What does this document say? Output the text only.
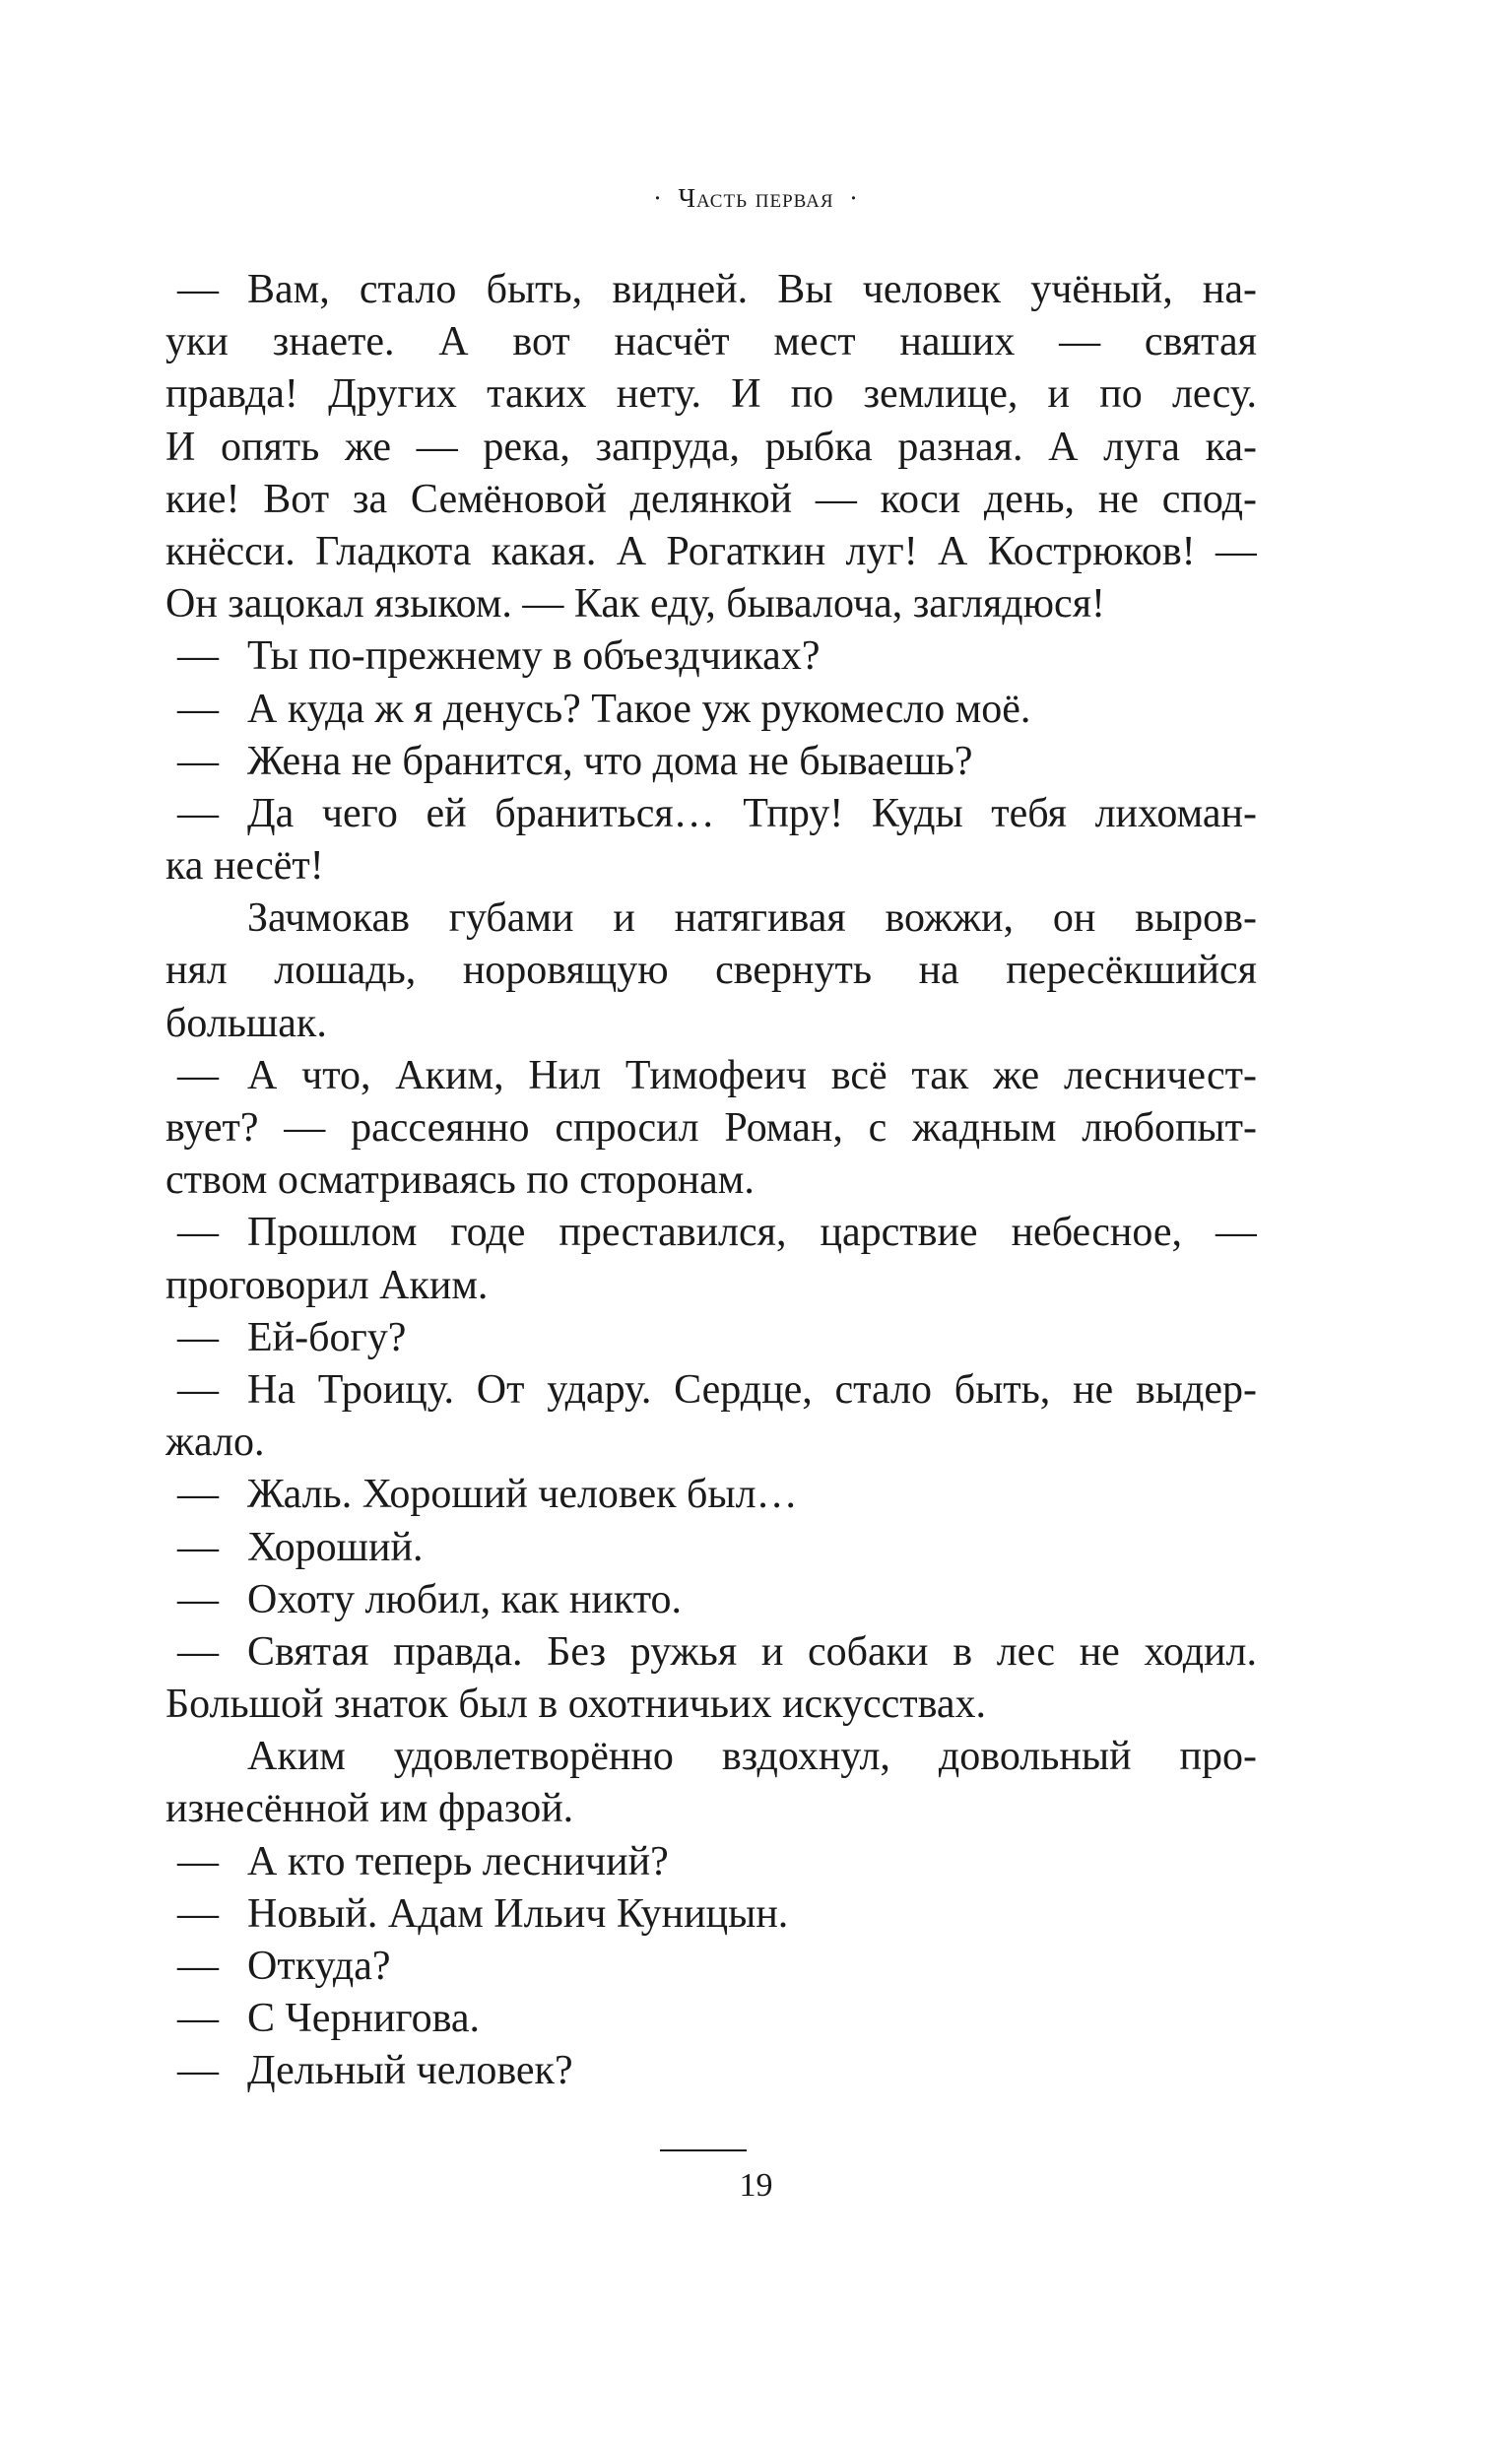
· Часть первая ·
— Вам, стало быть, видней. Вы человек учёный, на-
уки знаете. А вот насчёт мест наших — святая
правда! Других таких нету. И по землице, и по лесу.
И опять же — река, запруда, рыбка разная. А луга ка-
кие! Вот за Семёновой делянкой — коси день, не спод-
кнёсси. Гладкота какая. А Рогаткин луг! А Кострюков! —
Он зацокал языком. — Как еду, бывалоча, заглядюся!
— Ты по-прежнему в объездчиках?
— А куда ж я денусь? Такое уж рукомесло моё.
— Жена не бранится, что дома не бываешь?
— Да чего ей браниться… Тпру! Куды тебя лихоман-
ка несёт!
Зачмокав губами и натягивая вожжи, он выров-
нял лошадь, норовящую свернуть на пересёкшийся
большак.
— А что, Аким, Нил Тимофеич всё так же лесничест-
вует? — рассеянно спросил Роман, с жадным любопыт-
ством осматриваясь по сторонам.
— Прошлом годе преставился, царствие небесное, —
проговорил Аким.
— Ей-богу?
— На Троицу. От удару. Сердце, стало быть, не выдер-
жало.
— Жаль. Хороший человек был…
— Хороший.
— Охоту любил, как никто.
— Святая правда. Без ружья и собаки в лес не ходил.
Большой знаток был в охотничьих искусствах.
Аким удовлетворённо вздохнул, довольный про-
изнесённой им фразой.
— А кто теперь лесничий?
— Новый. Адам Ильич Куницын.
— Откуда?
— С Чернигова.
— Дельный человек?
19
